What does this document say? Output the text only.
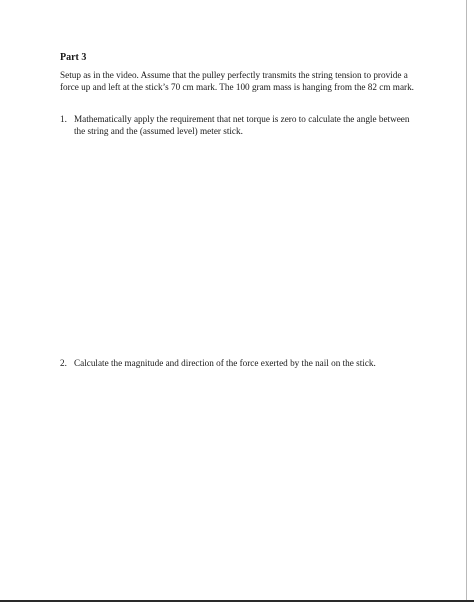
Part 3
Setup as in the video. Assume that the pulley perfectly transmits the string tension to provide a
force up and left at the stick’s 70 cm mark. The 100 gram mass is hanging from the 82 cm mark.
1. Mathematically apply the requirement that net torque is zero to calculate the angle between
the string and the (assumed level) meter stick.
2. Calculate the magnitude and direction of the force exerted by the nail on the stick.
